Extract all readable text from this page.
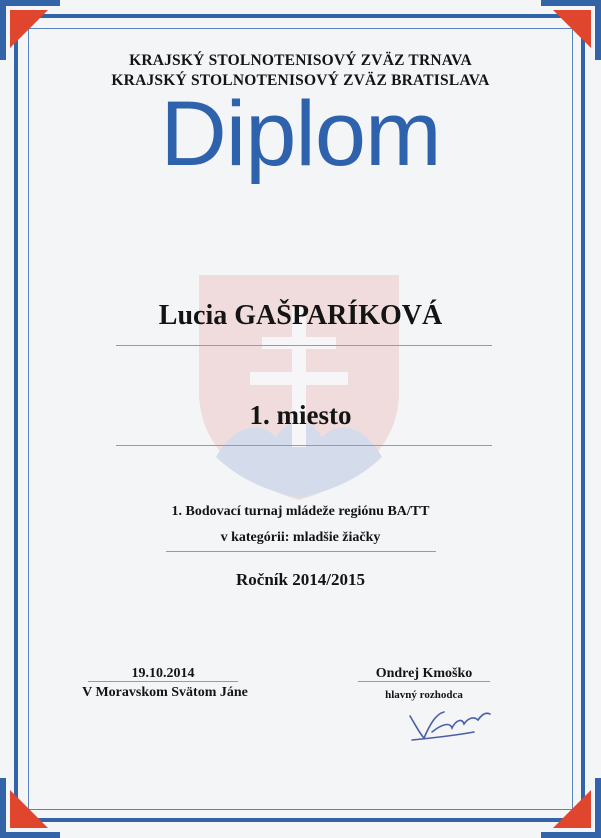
KRAJSKÝ STOLNOTENISOVÝ ZVÄZ TRNAVA
KRAJSKÝ STOLNOTENISOVÝ ZVÄZ BRATISLAVA
Diplom
Lucia GAŠPARÍKOVÁ
1. miesto
1. Bodovací turnaj mládeže regiónu BA/TT
v kategórii: mladšie žiačky
Ročník 2014/2015
19.10.2014
V Moravskom Svätom Jáne
Ondrej Kmoško
hlavný rozhodca
